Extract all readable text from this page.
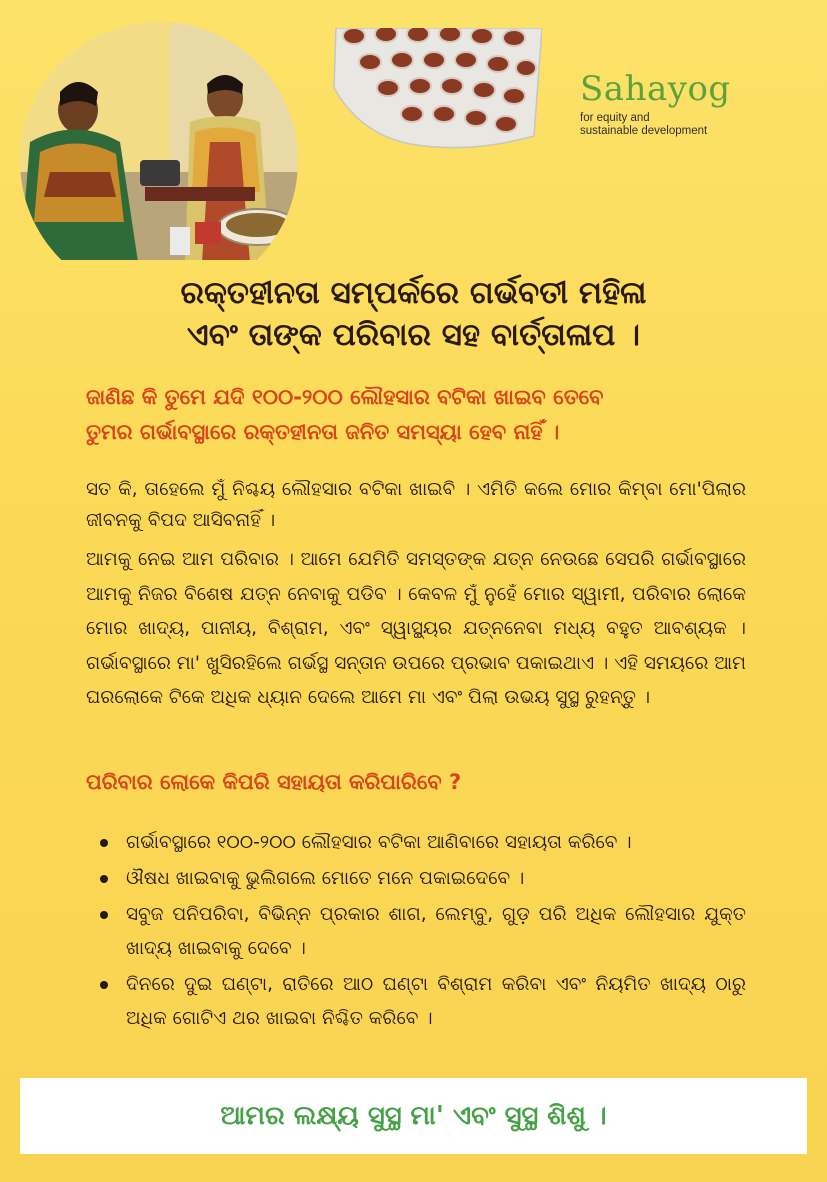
Sahayog
for equity and
sustainable development
ରକ୍ତହୀନତା ସମ୍ପର୍କରେ ଗର୍ଭବତୀ ମହିଳା
ଏବଂ ତାଙ୍କ ପରିବାର ସହ ବାର୍ତ୍ତାଳାପ ।
ଜାଣିଛ କି ତୁମେ ଯଦି ୧୦୦-୨୦୦ ଲୌହସାର ବଟିକା ଖାଇବ ତେବେ
ତୁମର ଗର୍ଭାବସ୍ଥାରେ ରକ୍ତହୀନତା ଜନିତ ସମସ୍ୟା ହେବ ନାହିଁ ।
ସତ କି, ତାହେଲେ ମୁଁ ନିଶ୍ଚୟ ଲୌହସାର ବଟିକା ଖାଇବି । ଏମିତି କଲେ ମୋର କିମ୍ବା ମୋ'ପିଲାର ଜୀବନକୁ ବିପଦ ଆସିବନାହିଁ ।
ଆମକୁ ନେଇ ଆମ ପରିବାର । ଆମେ ଯେମିତି ସମସ୍ତଙ୍କ ଯତ୍ନ ନେଉଛେ ସେପରି ଗର୍ଭାବସ୍ଥାରେ ଆମକୁ ନିଜର ବିଶେଷ ଯତ୍ନ ନେବାକୁ ପଡିବ । କେବଳ ମୁଁ ନୁହେଁ ମୋର ସ୍ୱାମୀ, ପରିବାର ଲୋକେ ମୋର ଖାଦ୍ୟ, ପାନୀୟ, ବିଶ୍ରାମ, ଏବଂ ସ୍ୱାସ୍ଥ୍ୟର ଯତ୍ନନେବା ମଧ୍ୟ ବହୁତ ଆବଶ୍ୟକ । ଗର୍ଭାବସ୍ଥାରେ ମା' ଖୁସିରହିଲେ ଗର୍ଭସ୍ଥ ସନ୍ତାନ ଉପରେ ପ୍ରଭାବ ପକାଇଥାଏ । ଏହି ସମୟରେ ଆମ ଘରଲୋକେ ଟିକେ ଅଧିକ ଧ୍ୟାନ ଦେଲେ ଆମେ ମା ଏବଂ ପିଲା ଉଭୟ ସୁସ୍ଥ ରୁହନ୍ତୁ ।
ପରିବାର ଲୋକେ କିପରି ସହାୟତା କରିପାରିବେ ?
ଗର୍ଭାବସ୍ଥାରେ ୧୦୦-୨୦୦ ଲୌହସାର ବଟିକା ଆଣିବାରେ ସହାୟତା କରିବେ ।
ଔଷଧ ଖାଇବାକୁ ଭୁଲିଗଲେ ମୋତେ ମନେ ପକାଇଦେବେ ।
ସବୁଜ ପନିପରିବା, ବିଭିନ୍ନ ପ୍ରକାର ଶାଗ, ଲେମ୍ବୁ, ଗୁଡ଼ ପରି ଅଧିକ ଲୌହସାର ଯୁକ୍ତ ଖାଦ୍ୟ ଖାଇବାକୁ ଦେବେ ।
ଦିନରେ ଦୁଇ ଘଣ୍ଟା, ରାତିରେ ଆଠ ଘଣ୍ଟା ବିଶ୍ରାମ କରିବା ଏବଂ ନିୟମିତ ଖାଦ୍ୟ ଠାରୁ ଅଧିକ ଗୋଟିଏ ଥର ଖାଇବା ନିଶ୍ଚିତ କରିବେ ।
ଆମର ଲକ୍ଷ୍ୟ ସୁସ୍ଥ ମା' ଏବଂ ସୁସ୍ଥ ଶିଶୁ ।
